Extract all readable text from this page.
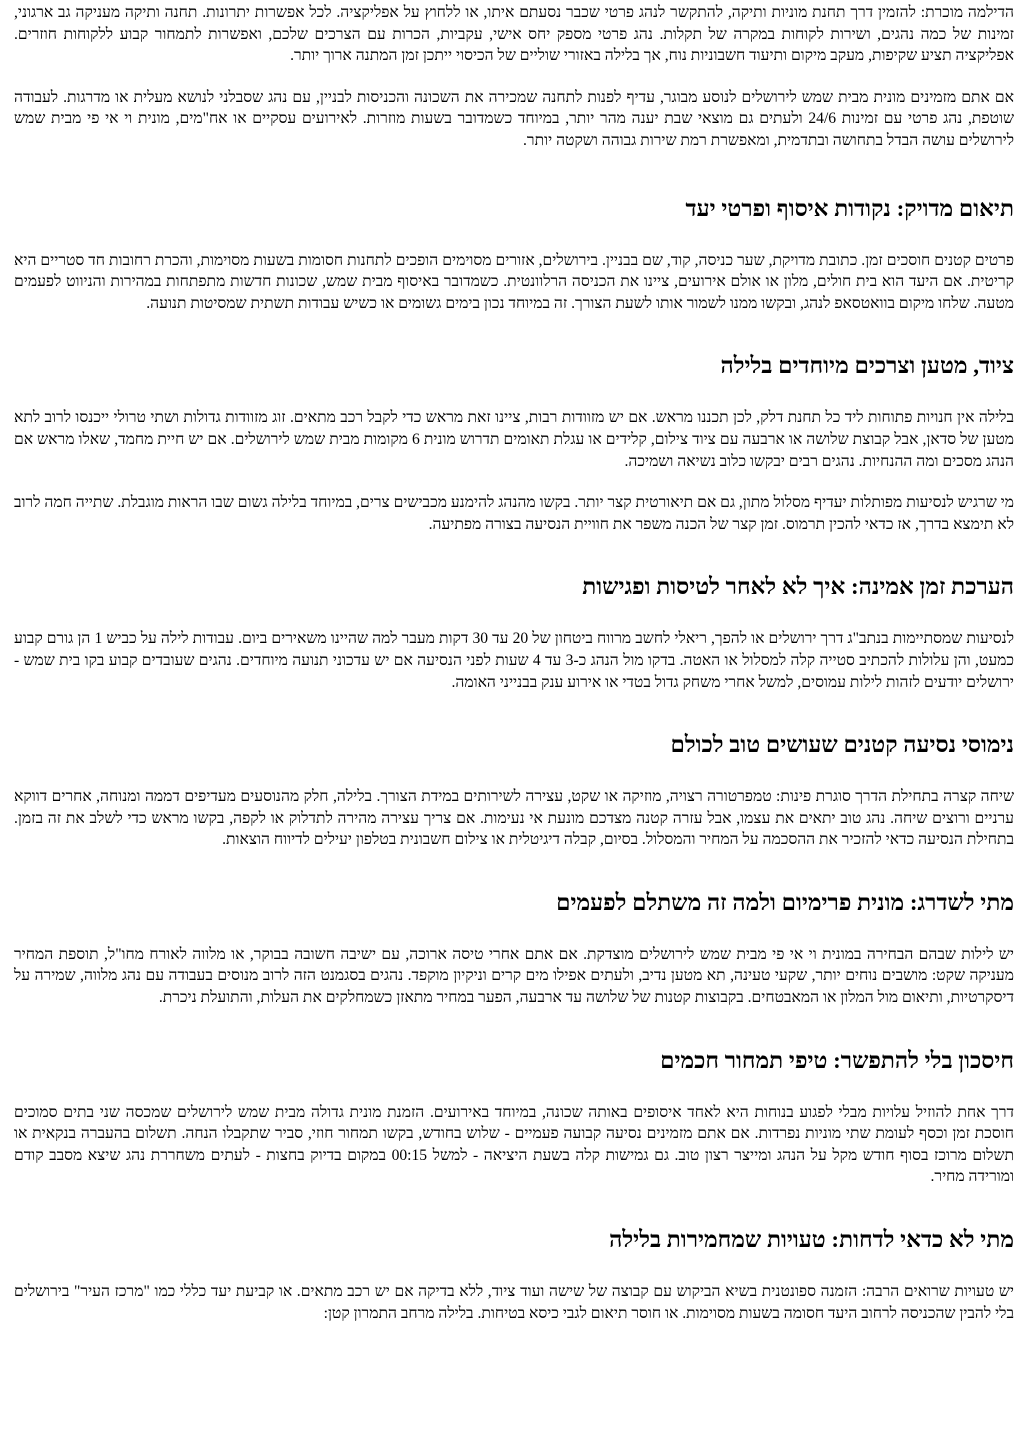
הדילמה מוכרת: להזמין דרך תחנת מוניות ותיקה, להתקשר לנהג פרטי שכבר נסעתם איתו, או ללחוץ על אפליקציה. לכל אפשרות יתרונות. תחנה ותיקה מעניקה גב ארגוני, זמינות של כמה נהגים, ושירות לקוחות במקרה של תקלות. נהג פרטי מספק יחס אישי, עקביות, הכרות עם הצרכים שלכם, ואפשרות לתמחור קבוע ללקוחות חוזרים. אפליקציה תציע שקיפות, מעקב מיקום ותיעוד חשבוניות נוח, אך בלילה באזורי שוליים של הכיסוי ייתכן זמן המתנה ארוך יותר.

אם אתם מזמינים מונית מבית שמש לירושלים לנוסע מבוגר, עדיף לפנות לתחנה שמכירה את השכונה והכניסות לבניין, עם נהג שסבלני לנושא מעלית או מדרגות. לעבודה שוטפת, נהג פרטי עם זמינות 24/6 ולעתים גם מוצאי שבת יענה מהר יותר, במיוחד כשמדובר בשעות מוזרות. לאירועים עסקיים או אח"מים, מונית וי אי פי מבית שמש לירושלים עושה הבדל בתחושה ובתדמית, ומאפשרת רמת שירות גבוהה ושקטה יותר.

תיאום מדויק: נקודות איסוף ופרטי יעד

פרטים קטנים חוסכים זמן. כתובת מדויקת, שער כניסה, קוד, שם בבניין. בירושלים, אזורים מסוימים הופכים לתחנות חסומות בשעות מסוימות, והכרת רחובות חד סטריים היא קריטית. אם היעד הוא בית חולים, מלון או אולם אירועים, ציינו את הכניסה הרלוונטית. כשמדובר באיסוף מבית שמש, שכונות חדשות מתפתחות במהירות והניווט לפעמים מטעה. שלחו מיקום בוואטסאפ לנהג, ובקשו ממנו לשמור אותו לשעת הצורך. זה במיוחד נכון בימים גשומים או כשיש עבודות תשתית שמסיטות תנועה.

ציוד, מטען וצרכים מיוחדים בלילה

בלילה אין חנויות פתוחות ליד כל תחנת דלק, לכן תכננו מראש. אם יש מזוודות רבות, ציינו זאת מראש כדי לקבל רכב מתאים. זוג מזוודות גדולות ושתי טרולי ייכנסו לרוב לתא מטען של סדאן, אבל קבוצת שלושה או ארבעה עם ציוד צילום, קלידים או עגלת תאומים תדרוש מונית 6 מקומות מבית שמש לירושלים. אם יש חיית מחמד, שאלו מראש אם הנהג מסכים ומה ההנחיות. נהגים רבים יבקשו כלוב נשיאה ושמיכה.

מי שרגיש לנסיעות מפותלות יעדיף מסלול מתון, גם אם תיאורטית קצר יותר. בקשו מהנהג להימנע מכבישים צרים, במיוחד בלילה גשום שבו הראות מוגבלת. שתייה חמה לרוב לא תימצא בדרך, אז כדאי להכין תרמוס. זמן קצר של הכנה משפר את חוויית הנסיעה בצורה מפתיעה.

הערכת זמן אמינה: איך לא לאחר לטיסות ופגישות

לנסיעות שמסתיימות בנתב"ג דרך ירושלים או להפך, ריאלי לחשב מרווח ביטחון של 20 עד 30 דקות מעבר למה שהיינו משאירים ביום. עבודות לילה על כביש 1 הן גורם קבוע כמעט, והן עלולות להכתיב סטייה קלה למסלול או האטה. בדקו מול הנהג כ-3 עד 4 שעות לפני הנסיעה אם יש עדכוני תנועה מיוחדים. נהגים שעובדים קבוע בקו בית שמש - ירושלים יודעים לזהות לילות עמוסים, למשל אחרי משחק גדול בטדי או אירוע ענק בבנייני האומה.

נימוסי נסיעה קטנים שעושים טוב לכולם

שיחה קצרה בתחילת הדרך סוגרת פינות: טמפרטורה רצויה, מוזיקה או שקט, עצירה לשירותים במידת הצורך. בלילה, חלק מהנוסעים מעדיפים דממה ומנוחה, אחרים דווקא ערניים ורוצים שיחה. נהג טוב יתאים את עצמו, אבל עזרה קטנה מצדכם מונעת אי נעימות. אם צריך עצירה מהירה לתדלוק או לקפה, בקשו מראש כדי לשלב את זה בזמן. בתחילת הנסיעה כדאי להזכיר את ההסכמה על המחיר והמסלול. בסיום, קבלה דיגיטלית או צילום חשבונית בטלפון יעילים לדיווח הוצאות.

מתי לשדרג: מונית פרימיום ולמה זה משתלם לפעמים

יש לילות שבהם הבחירה במונית וי אי פי מבית שמש לירושלים מוצדקת. אם אתם אחרי טיסה ארוכה, עם ישיבה חשובה בבוקר, או מלווה לאורח מחו"ל, תוספת המחיר מעניקה שקט: מושבים נוחים יותר, שקעי טעינה, תא מטען נדיב, ולעתים אפילו מים קרים וניקיון מוקפד. נהגים בסגמנט הזה לרוב מנוסים בעבודה עם נהג מלווה, שמירה על דיסקרטיות, ותיאום מול המלון או המאבטחים. בקבוצות קטנות של שלושה עד ארבעה, הפער במחיר מתאזן כשמחלקים את העלות, והתועלת ניכרת.

חיסכון בלי להתפשר: טיפי תמחור חכמים

דרך אחת להוזיל עלויות מבלי לפגוע בנוחות היא לאחד איסופים באותה שכונה, במיוחד באירועים. הזמנת מונית גדולה מבית שמש לירושלים שמכסה שני בתים סמוכים חוסכת זמן וכסף לעומת שתי מוניות נפרדות. אם אתם מזמינים נסיעה קבועה פעמיים - שלוש בחודש, בקשו תמחור חוזי, סביר שתקבלו הנחה. תשלום בהעברה בנקאית או תשלום מרוכז בסוף חודש מקל על הנהג ומייצר רצון טוב. גם גמישות קלה בשעת היציאה - למשל 00:15 במקום בדיוק בחצות - לעתים משחררת נהג שיצא מסבב קודם ומורידה מחיר.

מתי לא כדאי לדחות: טעויות שמחמירות בלילה

יש טעויות שרואים הרבה: הזמנה ספונטנית בשיא הביקוש עם קבוצה של שישה ועוד ציוד, ללא בדיקה אם יש רכב מתאים. או קביעת יעד כללי כמו "מרכז העיר" בירושלים בלי להבין שהכניסה לרחוב היעד חסומה בשעות מסוימות. או חוסר תיאום לגבי כיסא בטיחות. בלילה מרחב התמרון קטן:
